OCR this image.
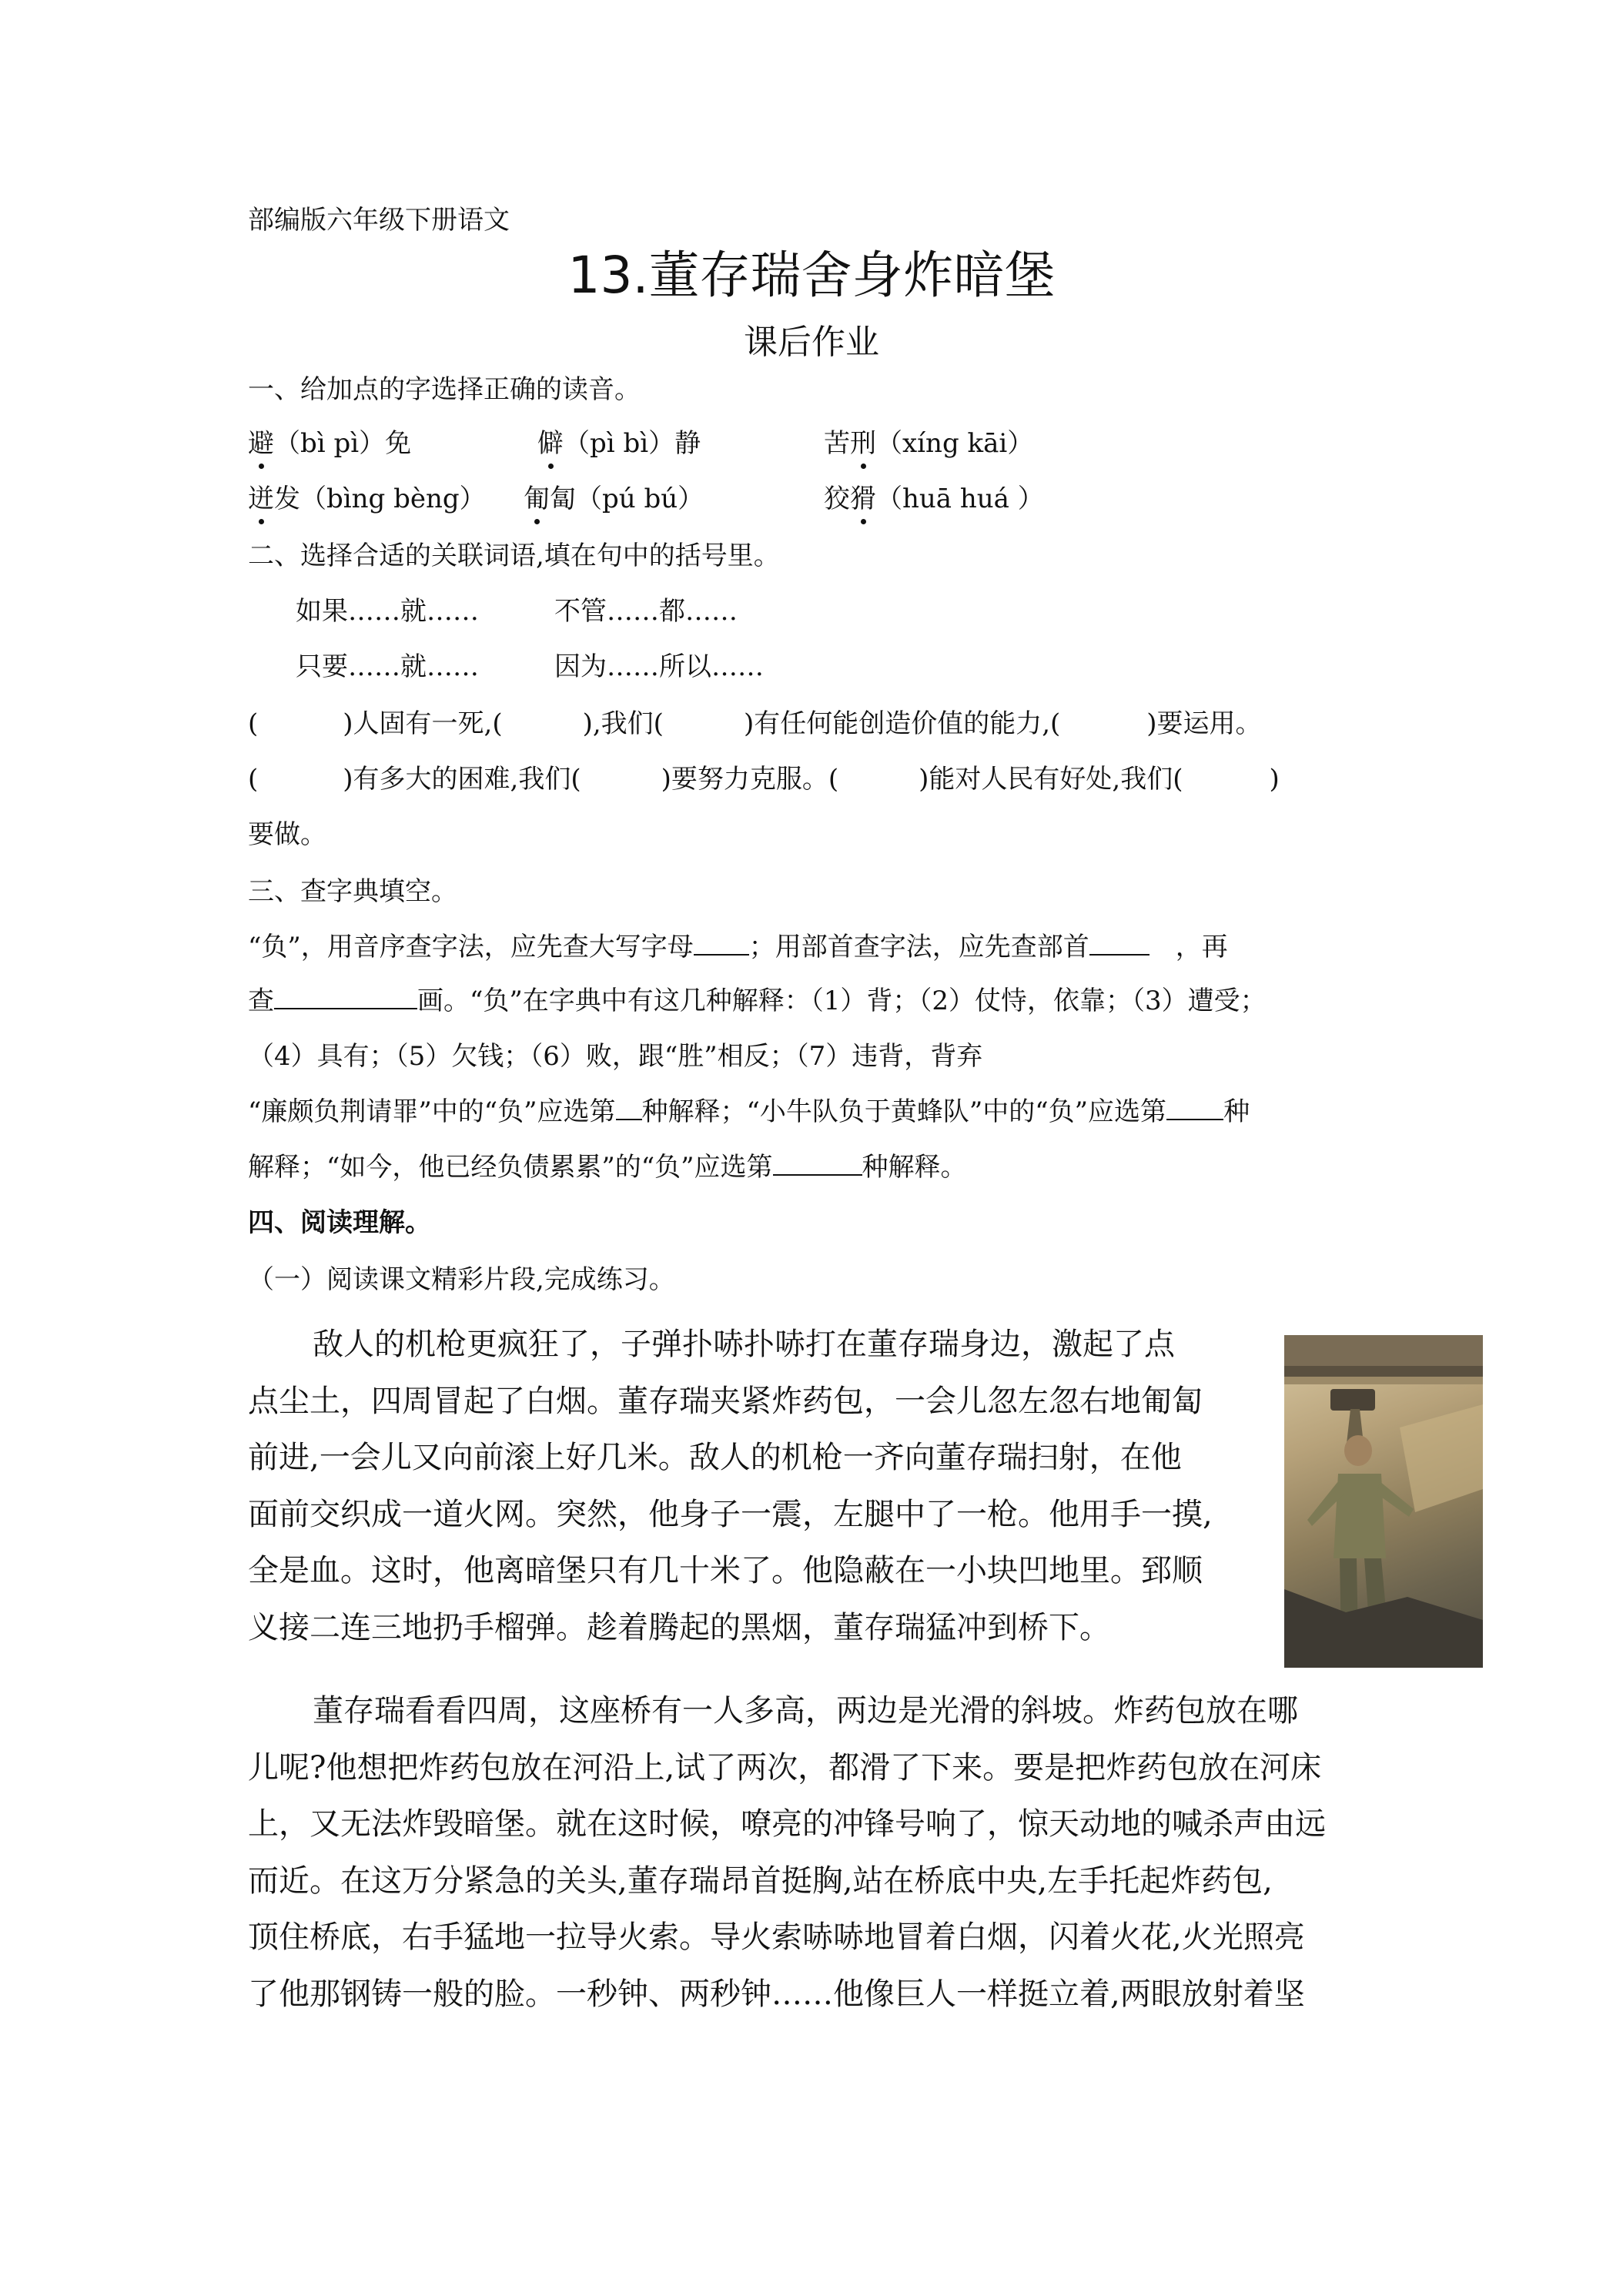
部编版六年级下册语文
13.董存瑞舍身炸暗堡
课后作业
一、给加点的字选择正确的读音。
避（bì pì）免	僻（pì bì）静	苦刑（xíng kāi）
迸发（bìng bèng） 匍匐（pú bú）	狡猾（huā huá ）
二、选择合适的关联词语,填在句中的括号里。
如果……就……	不管……都……
只要……就……	因为……所以……
(	)人固有一死,(	),我们(	)有任何能创造价值的能力,(	)要运用。
(	)有多大的困难,我们(	)要努力克服。(	)能对人民有好处,我们(	)
要做。
三、查字典填空。
“负”，用音序查字法，应先查大写字母 ；用部首查字法，应先查部首	，再
查	画。“负”在字典中有这几种解释：（1）背；（2）仗恃，依靠；（3）遭受；
（4）具有；（5）欠钱；（6）败，跟“胜”相反；（7）违背，背弃
“廉颇负荆请罪”中的“负”应选第 种解释；“小牛队负于黄蜂队”中的“负”应选第 种
解释；“如今，他已经负债累累”的“负”应选第	种解释。
四、阅读理解。
（一）阅读课文精彩片段,完成练习。
敌人的机枪更疯狂了，子弹扑哧扑哧打在董存瑞身边，激起了点
点尘土，四周冒起了白烟。董存瑞夹紧炸药包，一会儿忽左忽右地匍匐
前进,一会儿又向前滚上好几米。敌人的机枪一齐向董存瑞扫射，在他
面前交织成一道火网。突然，他身子一震，左腿中了一枪。他用手一摸,
全是血。这时，他离暗堡只有几十米了。他隐蔽在一小块凹地里。郅顺
义接二连三地扔手榴弹。趁着腾起的黑烟，董存瑞猛冲到桥下。
董存瑞看看四周，这座桥有一人多高，两边是光滑的斜坡。炸药包放在哪
儿呢?他想把炸药包放在河沿上,试了两次，都滑了下来。要是把炸药包放在河床
上，又无法炸毁暗堡。就在这时候，嘹亮的冲锋号响了，惊天动地的喊杀声由远
而近。在这万分紧急的关头,董存瑞昂首挺胸,站在桥底中央,左手托起炸药包,
顶住桥底，右手猛地一拉导火索。导火索哧哧地冒着白烟，闪着火花,火光照亮
了他那钢铸一般的脸。一秒钟、两秒钟……他像巨人一样挺立着,两眼放射着坚
